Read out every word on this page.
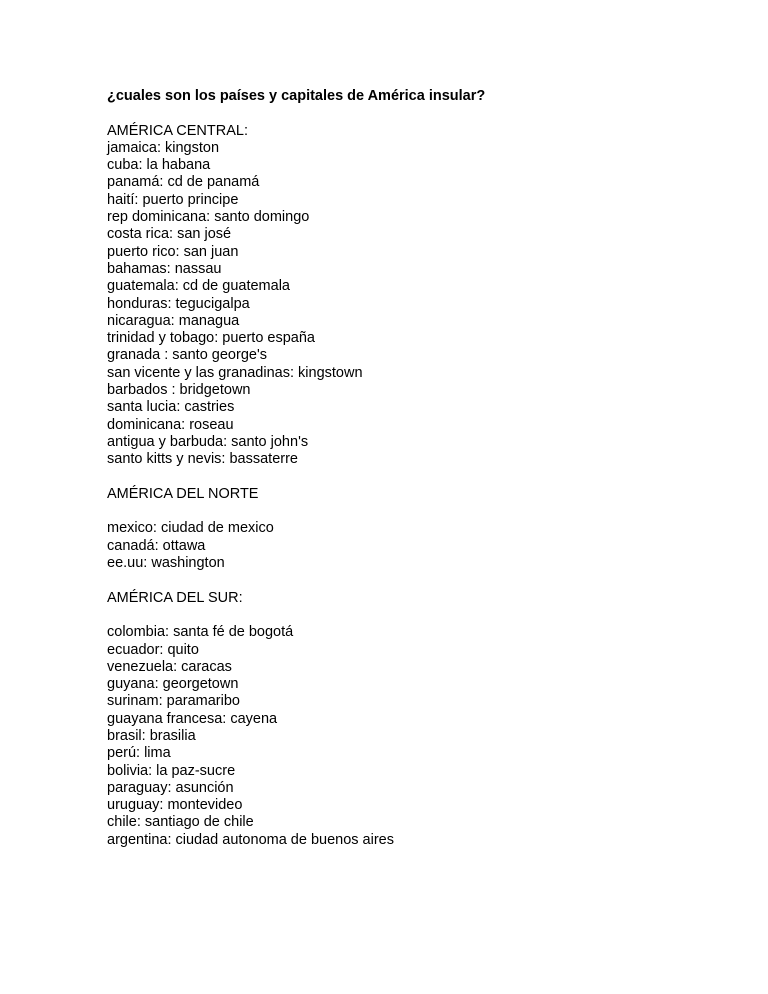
¿cuales son los países y capitales de América insular?
AMÉRICA CENTRAL:
jamaica: kingston
cuba: la habana
panamá: cd de panamá
haití: puerto principe
rep dominicana: santo domingo
costa rica: san josé
puerto rico: san juan
bahamas: nassau
guatemala: cd de guatemala
honduras: tegucigalpa
nicaragua: managua
trinidad y tobago: puerto españa
granada : santo george's
san vicente y las granadinas: kingstown
barbados : bridgetown
santa lucia: castries
dominicana: roseau
antigua y barbuda: santo john's
santo kitts y nevis: bassaterre
AMÉRICA DEL NORTE
mexico: ciudad de mexico
canadá: ottawa
ee.uu: washington
AMÉRICA DEL SUR:
colombia: santa fé de bogotá
ecuador: quito
venezuela: caracas
guyana: georgetown
surinam: paramaribo
guayana francesa: cayena
brasil: brasilia
perú: lima
bolivia: la paz-sucre
paraguay: asunción
uruguay: montevideo
chile: santiago de chile
argentina: ciudad autonoma de buenos aires
